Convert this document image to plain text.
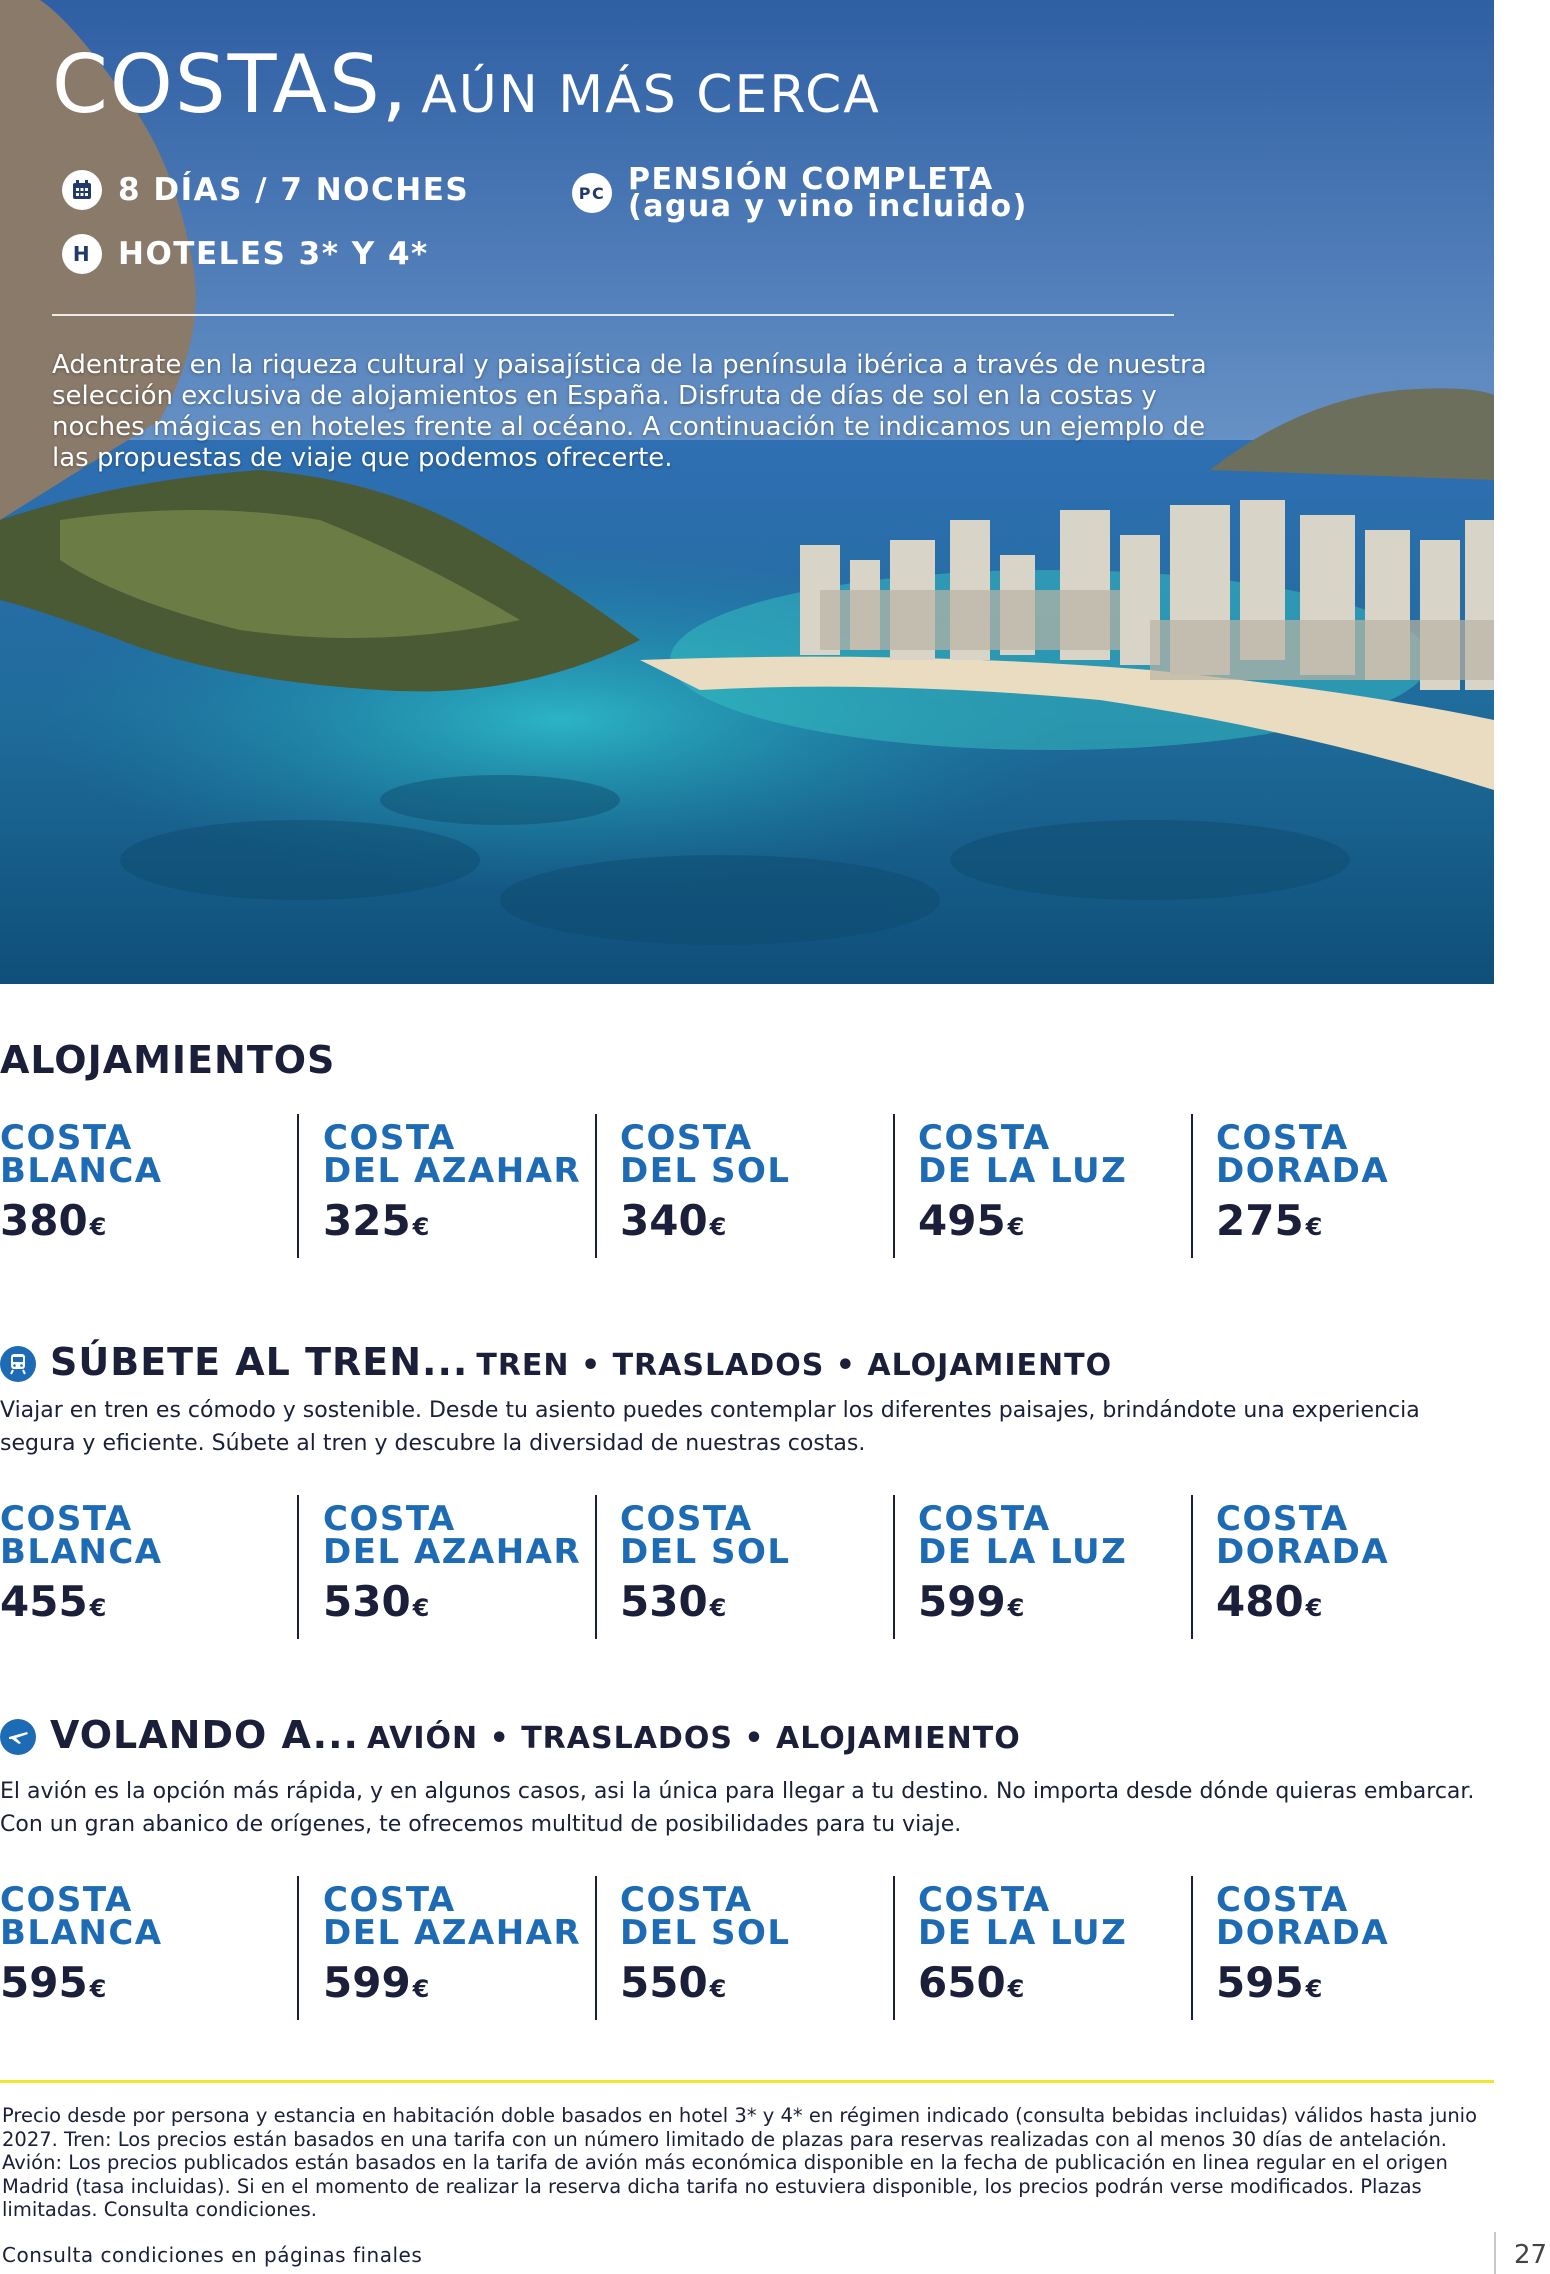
COSTAS, AÚN MÁS CERCA
8 DÍAS / 7 NOCHES
H HOTELES 3* Y 4*
PC PENSIÓN COMPLETA
(agua y vino incluido)
Adentrate en la riqueza cultural y paisajística de la península ibérica a través de nuestra selección exclusiva de alojamientos en España. Disfruta de días de sol en la costas y noches mágicas en hoteles frente al océano. A continuación te indicamos un ejemplo de las propuestas de viaje que podemos ofrecerte.
ALOJAMIENTOS
COSTA
BLANCA
380€
COSTA
DEL AZAHAR
325€
COSTA
DEL SOL
340€
COSTA
DE LA LUZ
495€
COSTA
DORADA
275€
SÚBETE AL TREN... TREN • TRASLADOS • ALOJAMIENTO
Viajar en tren es cómodo y sostenible. Desde tu asiento puedes contemplar los diferentes paisajes, brindándote una experiencia segura y eficiente. Súbete al tren y descubre la diversidad de nuestras costas.
COSTA
BLANCA
455€
COSTA
DEL AZAHAR
530€
COSTA
DEL SOL
530€
COSTA
DE LA LUZ
599€
COSTA
DORADA
480€
VOLANDO A... AVIÓN • TRASLADOS • ALOJAMIENTO
El avión es la opción más rápida, y en algunos casos, asi la única para llegar a tu destino. No importa desde dónde quieras embarcar. Con un gran abanico de orígenes, te ofrecemos multitud de posibilidades para tu viaje.
COSTA
BLANCA
595€
COSTA
DEL AZAHAR
599€
COSTA
DEL SOL
550€
COSTA
DE LA LUZ
650€
COSTA
DORADA
595€
Precio desde por persona y estancia en habitación doble basados en hotel 3* y 4* en régimen indicado (consulta bebidas incluidas) válidos hasta junio 2027. Tren: Los precios están basados en una tarifa con un número limitado de plazas para reservas realizadas con al menos 30 días de antelación. Avión: Los precios publicados están basados en la tarifa de avión más económica disponible en la fecha de publicación en linea regular en el origen Madrid (tasa incluidas). Si en el momento de realizar la reserva dicha tarifa no estuviera disponible, los precios podrán verse modificados. Plazas limitadas. Consulta condiciones.
Consulta condiciones en páginas finales	27
